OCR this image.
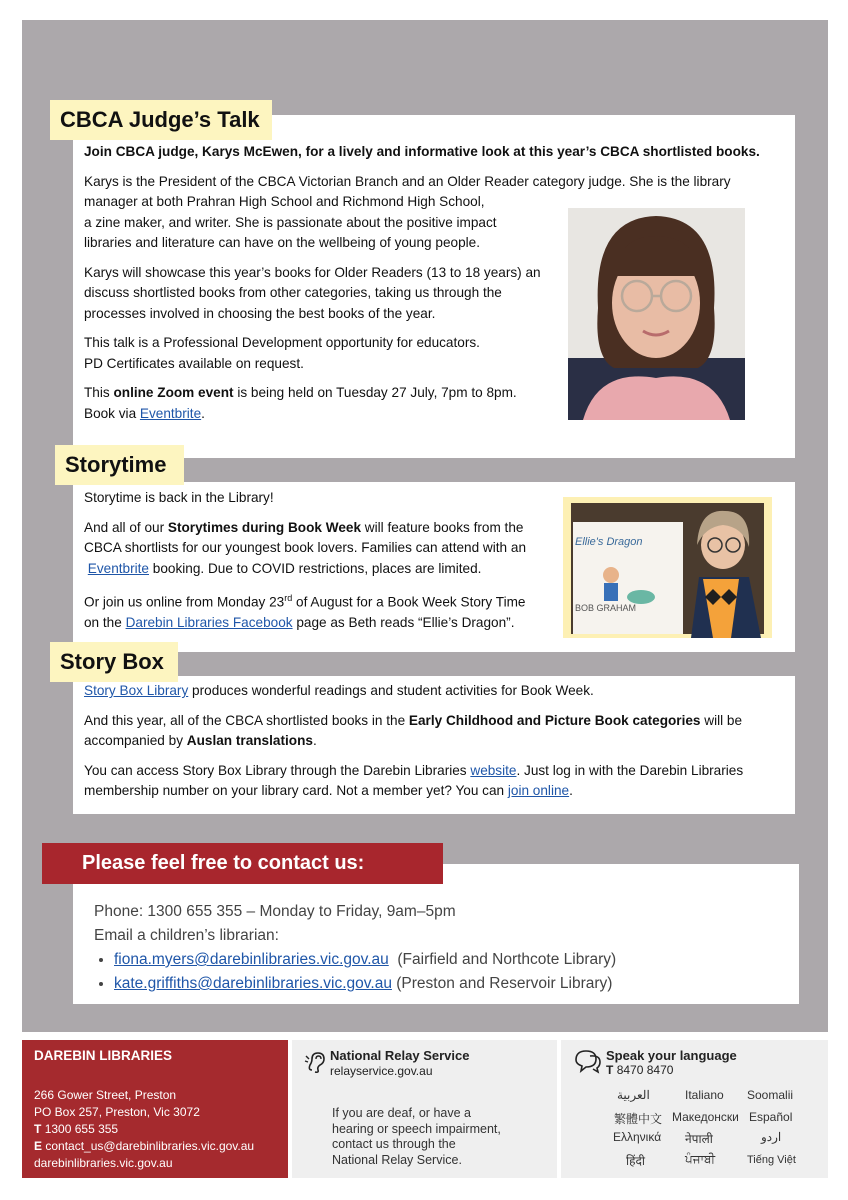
CBCA Judge’s Talk

Join CBCA judge, Karys McEwen, for a lively and informative look at this year’s CBCA shortlisted books.

Karys is the President of the CBCA Victorian Branch and an Older Reader category judge. She is the library
manager at both Prahran High School and Richmond High School,
a zine maker, and writer. She is passionate about the positive impact
libraries and literature can have on the wellbeing of young people.

Karys will showcase this year’s books for Older Readers (13 to 18 years) an
discuss shortlisted books from other categories, taking us through the
processes involved in choosing the best books of the year.

This talk is a Professional Development opportunity for educators.
PD Certificates available on request.

This online Zoom event is being held on Tuesday 27 July, 7pm to 8pm.
Book via Eventbrite.

Storytime
Ellie's Dragon
BOB GRAHAM

Storytime is back in the Library!

And all of our Storytimes during Book Week will feature books from the
CBCA shortlists for our youngest book lovers. Families can attend with an
Eventbrite booking. Due to COVID restrictions, places are limited.

Or join us online from Monday 23rd of August for a Book Week Story Time
on the Darebin Libraries Facebook page as Beth reads “Ellie’s Dragon”.

Story Box

Story Box Library produces wonderful readings and student activities for Book Week.

And this year, all of the CBCA shortlisted books in the Early Childhood and Picture Book categories will be
accompanied by Auslan translations.

You can access Story Box Library through the Darebin Libraries website. Just log in with the Darebin Libraries
membership number on your library card. Not a member yet? You can join online.

Please feel free to contact us:
Phone: 1300 655 355 – Monday to Friday, 9am–5pm
Email a children’s librarian:
• fiona.myers@darebinlibraries.vic.gov.au (Fairfield and Northcote Library)
• kate.griffiths@darebinlibraries.vic.gov.au (Preston and Reservoir Library)
DAREBIN LIBRARIES
266 Gower Street, Preston
PO Box 257, Preston, Vic 3072
T 1300 655 355
E contact_us@darebinlibraries.vic.gov.au
darebinlibraries.vic.gov.au
National Relay Service
relayservice.gov.au
If you are deaf, or have a
hearing or speech impairment,
contact us through the
National Relay Service.
Speak your language
T 8470 8470
العربية	Italiano Soomalii
繁體中文 Македонски Español
Ελληνικά नेपाली	اردو
हिंदी	ਪੰਜਾਬੀ	Tiếng Việt
